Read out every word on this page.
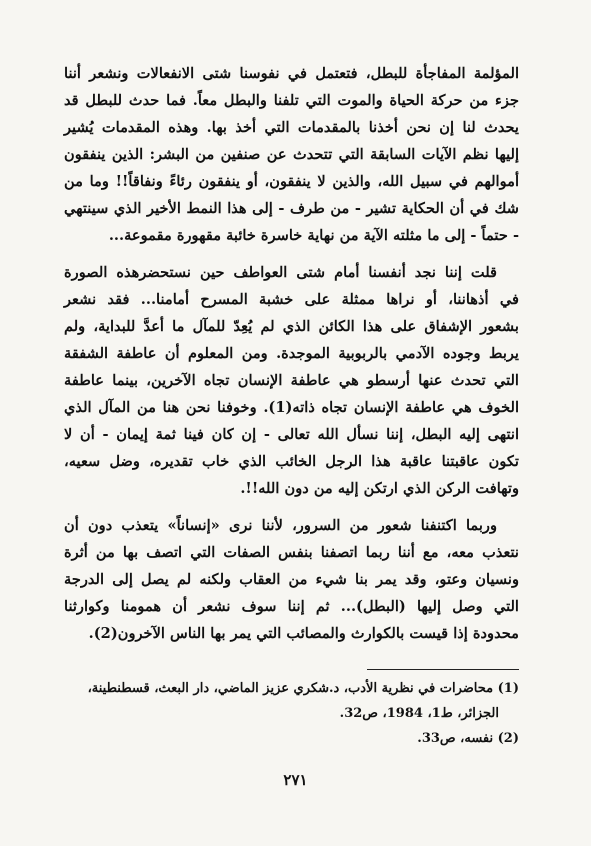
المؤلمة المفاجأة للبطل، فتعتمل في نفوسنا شتى الانفعالات ونشعر أننا
جزء من حركة الحياة والموت التي تلفنا والبطل معاً. فما حدث للبطل قد
يحدث لنا إن نحن أخذنا بالمقدمات التي أخذ بها. وهذه المقدمات يُشير
إليها نظم الآيات السابقة التي تتحدث عن صنفين من البشر: الذين ينفقون
أموالهم في سبيل الله، والذين لا ينفقون، أو ينفقون رئاءً ونفاقاً!! وما من
شك في أن الحكاية تشير - من طرف - إلى هذا النمط الأخير الذي سينتهي
- حتماً - إلى ما مثلته الآية من نهاية خاسرة خائبة مقهورة مقموعة...

قلت إننا نجد أنفسنا أمام شتى العواطف حين نستحضرهذه الصورة
في أذهاننا، أو نراها ممثلة على خشبة المسرح أمامنا... فقد نشعر
بشعور الإشفاق على هذا الكائن الذي لم يُعِدّ للمآل ما أعدَّ للبداية، ولم
يربط وجوده الآدمي بالربوبية الموجدة. ومن المعلوم أن عاطفة الشفقة
التي تحدث عنها أرسطو هي عاطفة الإنسان تجاه الآخرين، بينما عاطفة
الخوف هي عاطفة الإنسان تجاه ذاته(1). وخوفنا نحن هنا من المآل الذي
انتهى إليه البطل، إننا نسأل الله تعالى - إن كان فينا ثمة إيمان - أن لا
تكون عاقبتنا عاقبة هذا الرجل الخائب الذي خاب تقديره، وضل سعيه،
وتهافت الركن الذي ارتكن إليه من دون الله!!.

وربما اكتنفنا شعور من السرور، لأننا نرى «إنساناً» يتعذب دون أن
نتعذب معه، مع أننا ربما اتصفنا بنفس الصفات التي اتصف بها من أثرة
ونسيان وعتو، وقد يمر بنا شيء من العقاب ولكنه لم يصل إلى الدرجة
التي وصل إليها (البطل)... ثم إننا سوف نشعر أن همومنا وكوارثنا
محدودة إذا قيست بالكوارث والمصائب التي يمر بها الناس الآخرون(2).

(1) محاضرات في نظرية الأدب، د.شكري عزيز الماضي، دار البعث، قسطنطينة،
الجزائر، ط1، 1984، ص32.
(2) نفسه، ص33.
٢٧١
